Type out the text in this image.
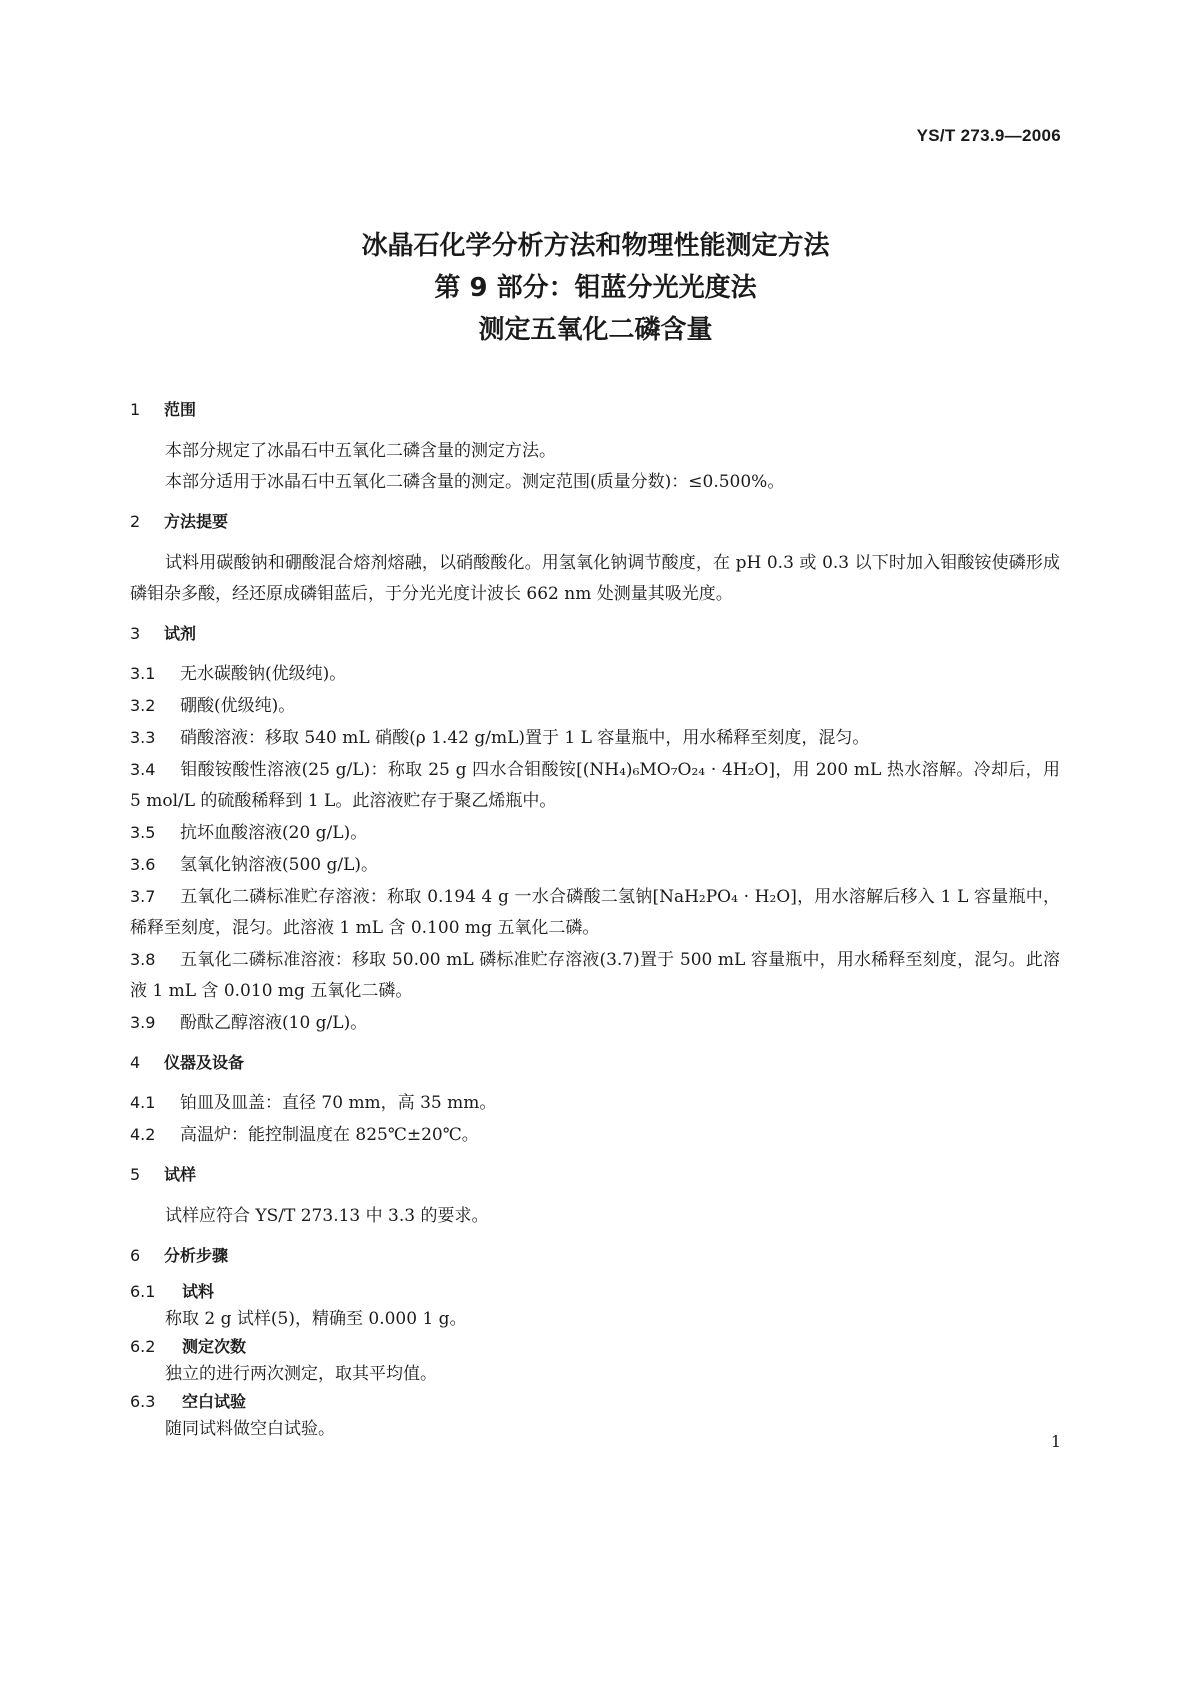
YS/T 273.9—2006
冰晶石化学分析方法和物理性能测定方法
第 9 部分：钼蓝分光光度法
测定五氧化二磷含量
1 范围

本部分规定了冰晶石中五氧化二磷含量的测定方法。

本部分适用于冰晶石中五氧化二磷含量的测定。测定范围(质量分数)：≤0.500%。

2 方法提要

试料用碳酸钠和硼酸混合熔剂熔融，以硝酸酸化。用氢氧化钠调节酸度，在 pH 0.3 或 0.3 以下时加入钼酸铵使磷形成磷钼杂多酸，经还原成磷钼蓝后，于分光光度计波长 662 nm 处测量其吸光度。

3 试剂

3.1 无水碳酸钠(优级纯)。

3.2 硼酸(优级纯)。

3.3 硝酸溶液：移取 540 mL 硝酸(ρ 1.42 g/mL)置于 1 L 容量瓶中，用水稀释至刻度，混匀。

3.4 钼酸铵酸性溶液(25 g/L)：称取 25 g 四水合钼酸铵[(NH₄)₆MO₇O₂₄ · 4H₂O]，用 200 mL 热水溶解。冷却后，用 5 mol/L 的硫酸稀释到 1 L。此溶液贮存于聚乙烯瓶中。

3.5 抗坏血酸溶液(20 g/L)。

3.6 氢氧化钠溶液(500 g/L)。

3.7 五氧化二磷标准贮存溶液：称取 0.194 4 g 一水合磷酸二氢钠[NaH₂PO₄ · H₂O]，用水溶解后移入 1 L 容量瓶中，稀释至刻度，混匀。此溶液 1 mL 含 0.100 mg 五氧化二磷。

3.8 五氧化二磷标准溶液：移取 50.00 mL 磷标准贮存溶液(3.7)置于 500 mL 容量瓶中，用水稀释至刻度，混匀。此溶液 1 mL 含 0.010 mg 五氧化二磷。

3.9 酚酞乙醇溶液(10 g/L)。

4 仪器及设备

4.1 铂皿及皿盖：直径 70 mm，高 35 mm。

4.2 高温炉：能控制温度在 825℃±20℃。

5 试样

试样应符合 YS/T 273.13 中 3.3 的要求。

6 分析步骤
6.1 试料

称取 2 g 试样(5)，精确至 0.000 1 g。

6.2 测定次数

独立的进行两次测定，取其平均值。

6.3 空白试验

随同试料做空白试验。

1
